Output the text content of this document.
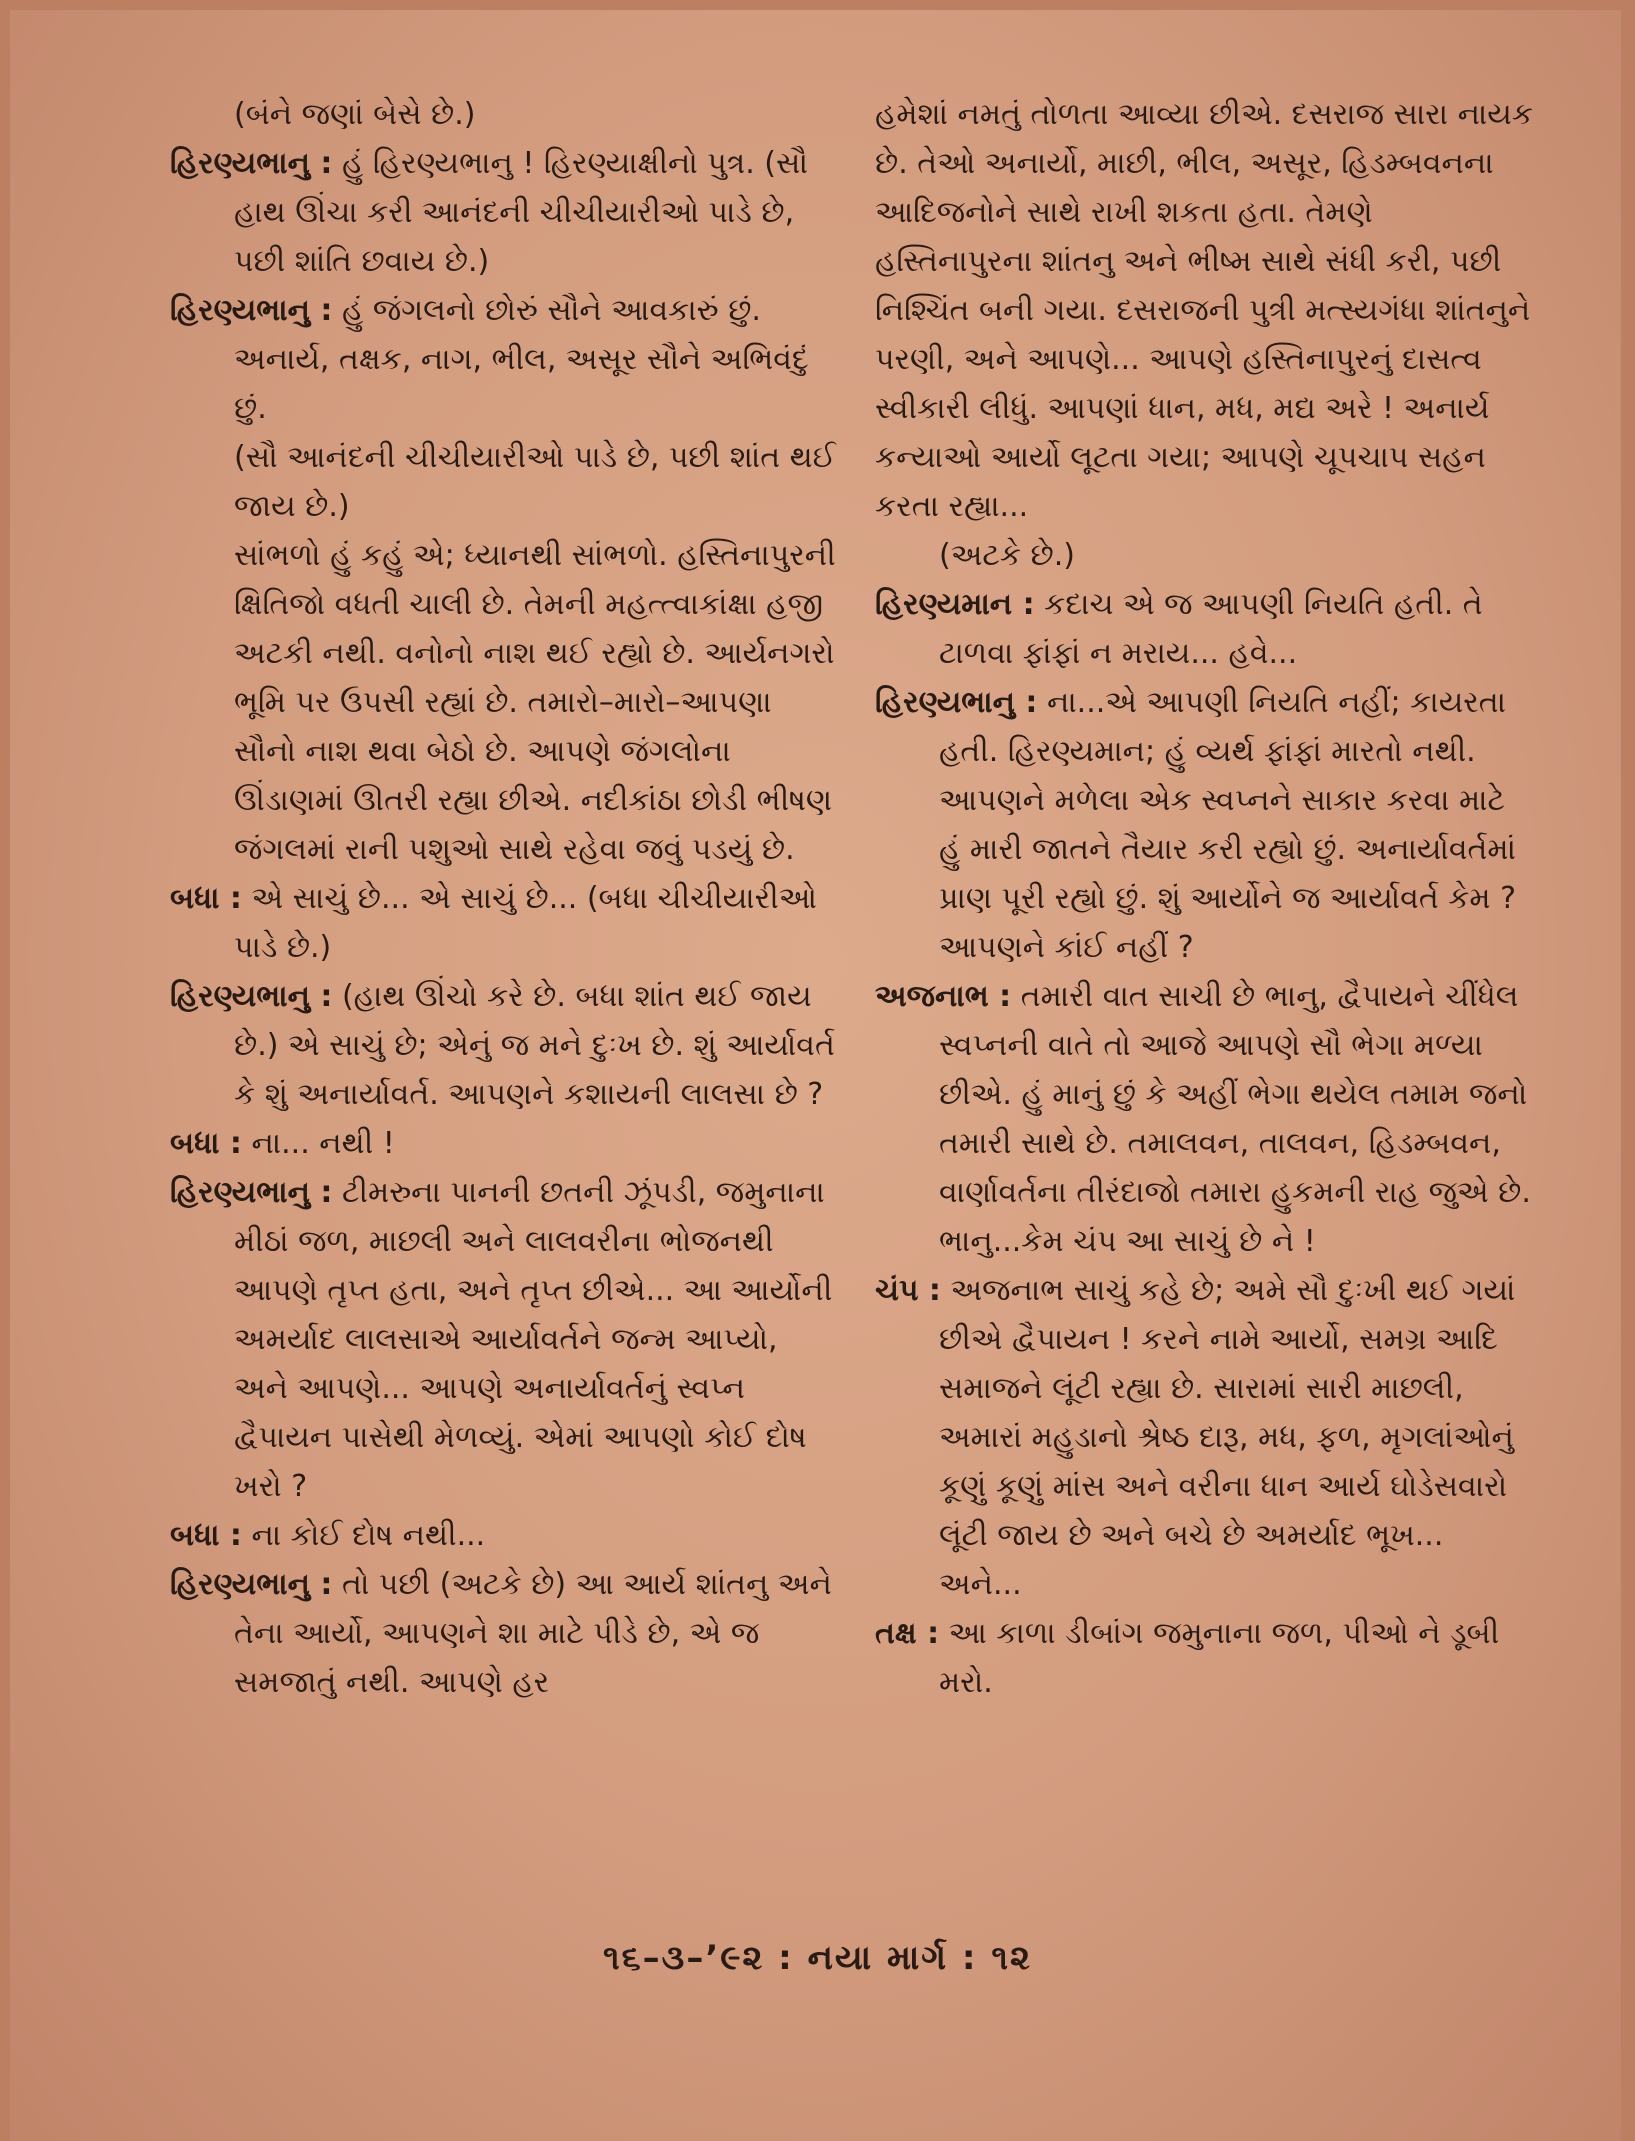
(બંને જણાં બેસે છે.)

હિરણ્યભાનુ : હું હિરણ્યભાનુ ! હિરણ્યાક્ષીનો પુત્ર. (સૌ હાથ ઊંચા કરી આનંદની ચીચીયારીઓ પાડે છે, પછી શાંતિ છવાય છે.)

હિરણ્યભાનુ : હું જંગલનો છોરું સૌને આવકારું છું. અનાર્ય, તક્ષક, નાગ, ભીલ, અસૂર સૌને અભિવંદું છું.

(સૌ આનંદની ચીચીયારીઓ પાડે છે, પછી શાંત થઈ જાય છે.)

સાંભળો હું કહું એ; ધ્યાનથી સાંભળો. હસ્તિનાપુરની ક્ષિતિજો વધતી ચાલી છે. તેમની મહત્ત્વાકાંક્ષા હજી અટકી નથી. વનોનો નાશ થઈ રહ્યો છે. આર્યનગરો ભૂમિ પર ઉપસી રહ્યાં છે. તમારો–મારો–આપણા સૌનો નાશ થવા બેઠો છે. આપણે જંગલોના ઊંડાણમાં ઊતરી રહ્યા છીએ. નદીકાંઠા છોડી ભીષણ જંગલમાં રાની પશુઓ સાથે રહેવા જવું પડયું છે.

બધા : એ સાચું છે... એ સાચું છે... (બધા ચીચીયારીઓ પાડે છે.)

હિરણ્યભાનુ : (હાથ ઊંચો કરે છે. બધા શાંત થઈ જાય છે.) એ સાચું છે; એનું જ મને દુઃખ છે. શું આર્યાવર્ત કે શું અનાર્યાવર્ત. આપણને કશાયની લાલસા છે ?

બધા : ના... નથી !

હિરણ્યભાનુ : ટીમરુના પાનની છતની ઝૂંપડી, જમુનાના મીઠાં જળ, માછલી અને લાલવરીના ભોજનથી આપણે તૃપ્ત હતા, અને તૃપ્ત છીએ... આ આર્યોની અમર્યાદ લાલસાએ આર્યાવર્તને જન્મ આપ્યો, અને આપણે... આપણે અનાર્યાવર્તનું સ્વપ્ન દ્વૈપાયન પાસેથી મેળવ્યું. એમાં આપણો કોઈ દોષ ખરો ?

બધા : ના કોઈ દોષ નથી...

હિરણ્યભાનુ : તો પછી (અટકે છે) આ આર્ય શાંતનુ અને તેના આર્યો, આપણને શા માટે પીડે છે, એ જ સમજાતું નથી. આપણે હર

હમેશાં નમતું તોળતા આવ્યા છીએ. દસરાજ સારા નાયક છે. તેઓ અનાર્યો, માછી, ભીલ, અસૂર, હિડમ્બવનના આદિજનોને સાથે રાખી શકતા હતા. તેમણે હસ્તિનાપુરના શાંતનુ અને ભીષ્મ સાથે સંધી કરી, પછી નિશ્ચિંત બની ગયા. દસરાજની પુત્રી મત્સ્યગંધા શાંતનુને પરણી, અને આપણે... આપણે હસ્તિનાપુરનું દાસત્વ સ્વીકારી લીધું. આપણાં ધાન, મધ, મદ્ય અરે ! અનાર્ય કન્યાઓ આર્યો લૂટતા ગયા; આપણે ચૂપચાપ સહન કરતા રહ્યા...

(અટકે છે.)

હિરણ્યમાન : કદાચ એ જ આપણી નિયતિ હતી. તે ટાળવા ફાંફાં ન મરાય... હવે...

હિરણ્યભાનુ : ના...એ આપણી નિયતિ નહીં; કાયરતા હતી. હિરણ્યમાન; હું વ્યર્થ ફાંફાં મારતો નથી. આપણને મળેલા એક સ્વપ્નને સાકાર કરવા માટે હું મારી જાતને તૈયાર કરી રહ્યો છું. અનાર્યાવર્તમાં પ્રાણ પૂરી રહ્યો છું. શું આર્યોને જ આર્યાવર્ત કેમ ? આપણને કાંઈ નહીં ?

અજનાભ : તમારી વાત સાચી છે ભાનુ, દ્વૈપાયને ચીંધેલ સ્વપ્નની વાતે તો આજે આપણે સૌ ભેગા મળ્યા છીએ. હું માનું છું કે અહીં ભેગા થયેલ તમામ જનો તમારી સાથે છે. તમાલવન, તાલવન, હિડમ્બવન, વાર્ણાવર્તના તીરંદાજો તમારા હુકમની રાહ જુએ છે. ભાનુ...કેમ ચંપ આ સાચું છે ને !

ચંપ : અજનાભ સાચું કહે છે; અમે સૌ દુઃખી થઈ ગયાં છીએ દ્વૈપાયન ! કરને નામે આર્યો, સમગ્ર આદિ સમાજને લૂંટી રહ્યા છે. સારામાં સારી માછલી, અમારાં મહુડાનો શ્રેષ્ઠ દારૂ, મધ, ફળ, મૃગલાંઓનું કૂણું કૂણું માંસ અને વરીના ધાન આર્ય ઘોડેસવારો લૂંટી જાય છે અને બચે છે અમર્યાદ ભૂખ... અને...

તક્ષ : આ કાળા ડીબાંગ જમુનાના જળ, પીઓ ને ડૂબી મરો.

૧૬–૩–’૯૨ : નયા માર્ગ : ૧૨
